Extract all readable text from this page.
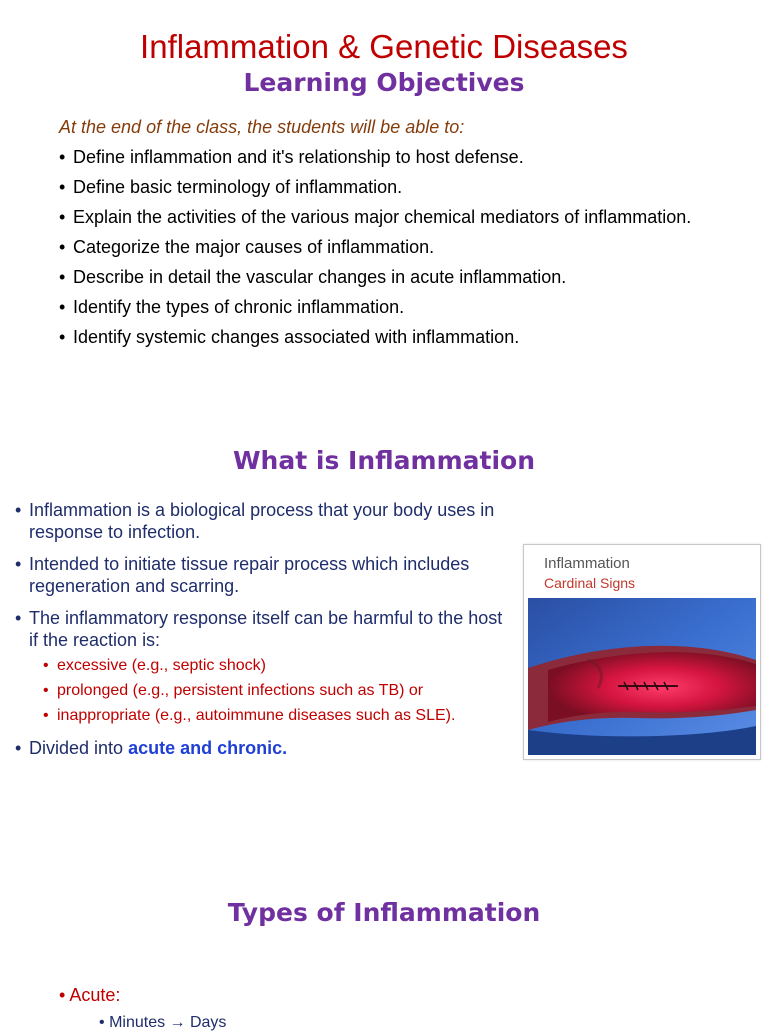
Inflammation & Genetic Diseases
Learning Objectives
At the end of the class, the students will be able to:
• Define inflammation and it's relationship to host defense.
• Define basic terminology of inflammation.
• Explain the activities of the various major chemical mediators of inflammation.
• Categorize the major causes of inflammation.
• Describe in detail the vascular changes in acute inflammation.
• Identify the types of chronic inflammation.
• Identify systemic changes associated with inflammation.
What is Inflammation
• Inflammation is a biological process that your body uses in response to infection.
• Intended to initiate tissue repair process which includes regeneration and scarring.
• The inflammatory response itself can be harmful to the host if the reaction is:
• excessive (e.g., septic shock)
• prolonged (e.g., persistent infections such as TB) or
• inappropriate (e.g., autoimmune diseases such as SLE).
• Divided into acute and chronic.
Inflammation
Cardinal Signs
Types of Inflammation
• Acute:
• Minutes → Days
